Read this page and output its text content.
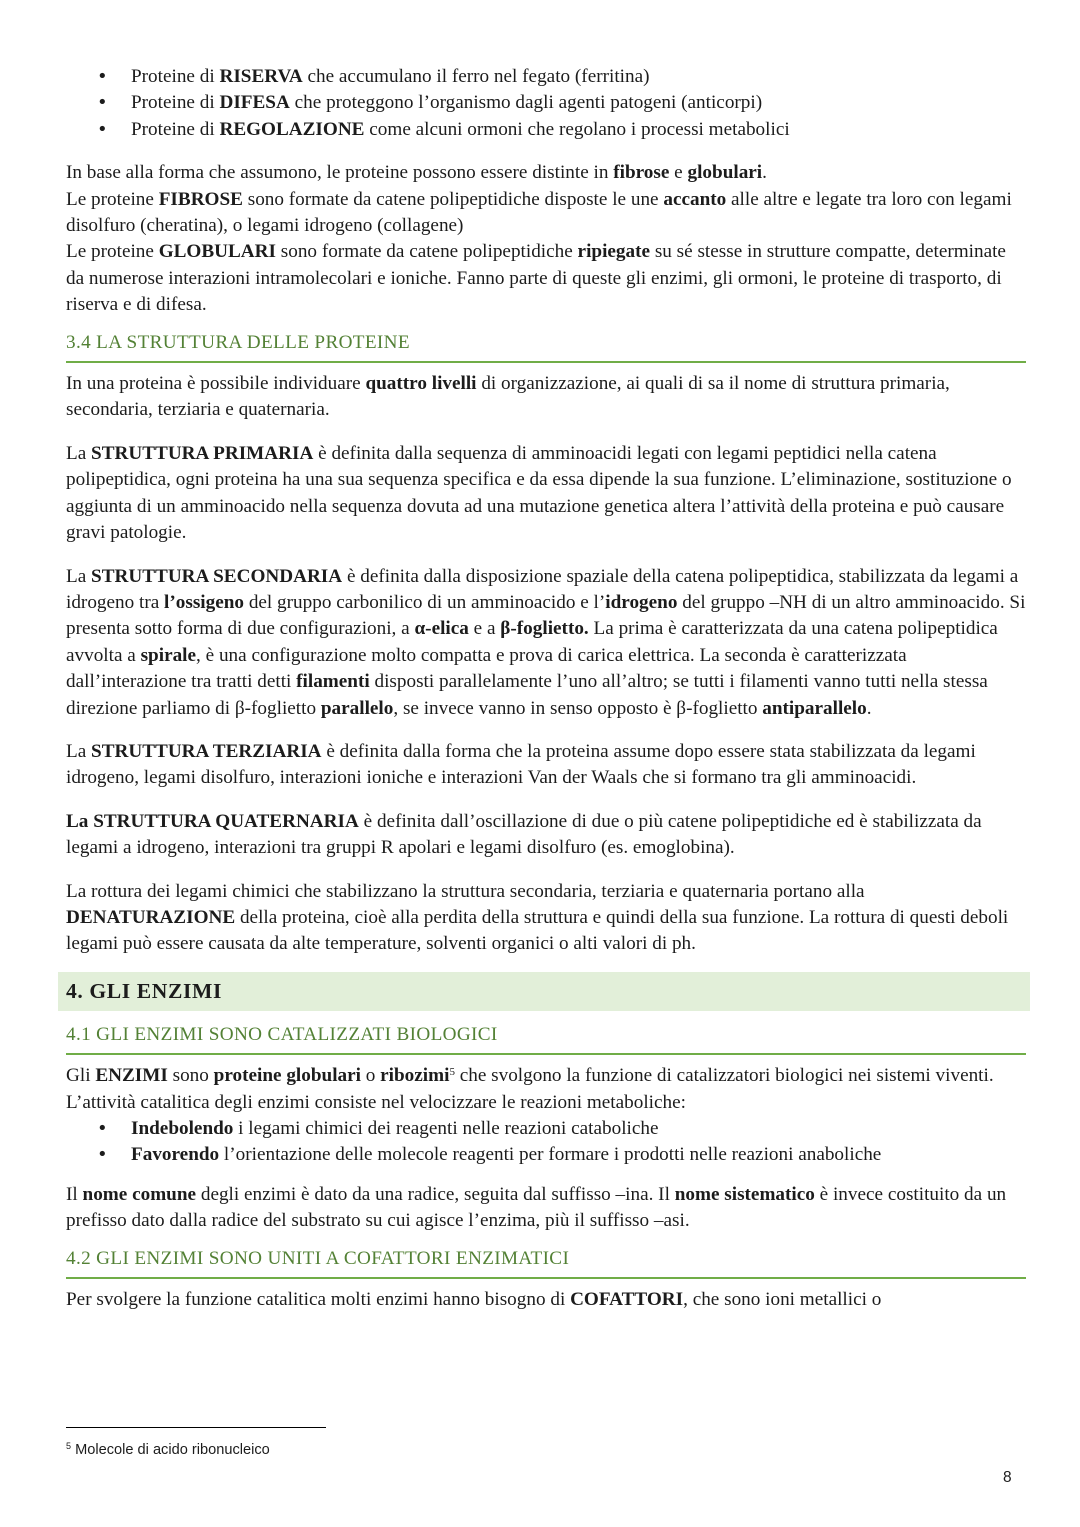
• Proteine di RISERVA che accumulano il ferro nel fegato (ferritina)
• Proteine di DIFESA che proteggono l’organismo dagli agenti patogeni (anticorpi)
• Proteine di REGOLAZIONE come alcuni ormoni che regolano i processi metabolici

In base alla forma che assumono, le proteine possono essere distinte in fibrose e globulari.

Le proteine FIBROSE sono formate da catene polipeptidiche disposte le une accanto alle altre e legate tra loro con legami disolfuro (cheratina), o legami idrogeno (collagene)

Le proteine GLOBULARI sono formate da catene polipeptidiche ripiegate su sé stesse in strutture compatte, determinate da numerose interazioni intramolecolari e ioniche. Fanno parte di queste gli enzimi, gli ormoni, le proteine di trasporto, di riserva e di difesa.

3.4 LA STRUTTURA DELLE PROTEINE

In una proteina è possibile individuare quattro livelli di organizzazione, ai quali di sa il nome di struttura primaria, secondaria, terziaria e quaternaria.

La STRUTTURA PRIMARIA è definita dalla sequenza di amminoacidi legati con legami peptidici nella catena polipeptidica, ogni proteina ha una sua sequenza specifica e da essa dipende la sua funzione. L’eliminazione, sostituzione o aggiunta di un amminoacido nella sequenza dovuta ad una mutazione genetica altera l’attività della proteina e può causare gravi patologie.

La STRUTTURA SECONDARIA è definita dalla disposizione spaziale della catena polipeptidica, stabilizzata da legami a idrogeno tra l’ossigeno del gruppo carbonilico di un amminoacido e l’idrogeno del gruppo –NH di un altro amminoacido. Si presenta sotto forma di due configurazioni, a α-elica e a β-foglietto. La prima è caratterizzata da una catena polipeptidica avvolta a spirale, è una configurazione molto compatta e prova di carica elettrica. La seconda è caratterizzata dall’interazione tra tratti detti filamenti disposti parallelamente l’uno all’altro; se tutti i filamenti vanno tutti nella stessa direzione parliamo di β-foglietto parallelo, se invece vanno in senso opposto è β-foglietto antiparallelo.

La STRUTTURA TERZIARIA è definita dalla forma che la proteina assume dopo essere stata stabilizzata da legami idrogeno, legami disolfuro, interazioni ioniche e interazioni Van der Waals che si formano tra gli amminoacidi.

La STRUTTURA QUATERNARIA è definita dall’oscillazione di due o più catene polipeptidiche ed è stabilizzata da legami a idrogeno, interazioni tra gruppi R apolari e legami disolfuro (es. emoglobina).

La rottura dei legami chimici che stabilizzano la struttura secondaria, terziaria e quaternaria portano alla DENATURAZIONE della proteina, cioè alla perdita della struttura e quindi della sua funzione. La rottura di questi deboli legami può essere causata da alte temperature, solventi organici o alti valori di ph.

4. GLI ENZIMI
4.1 GLI ENZIMI SONO CATALIZZATI BIOLOGICI

Gli ENZIMI sono proteine globulari o ribozimi$^5$ che svolgono la funzione di catalizzatori biologici nei sistemi viventi. L’attività catalitica degli enzimi consiste nel velocizzare le reazioni metaboliche:

• Indebolendo i legami chimici dei reagenti nelle reazioni cataboliche
• Favorendo l’orientazione delle molecole reagenti per formare i prodotti nelle reazioni anaboliche

Il nome comune degli enzimi è dato da una radice, seguita dal suffisso –ina. Il nome sistematico è invece costituito da un prefisso dato dalla radice del substrato su cui agisce l’enzima, più il suffisso –asi.

4.2 GLI ENZIMI SONO UNITI A COFATTORI ENZIMATICI

Per svolgere la funzione catalitica molti enzimi hanno bisogno di COFATTORI, che sono ioni metallici o

$^5$ Molecole di acido ribonucleico
8
